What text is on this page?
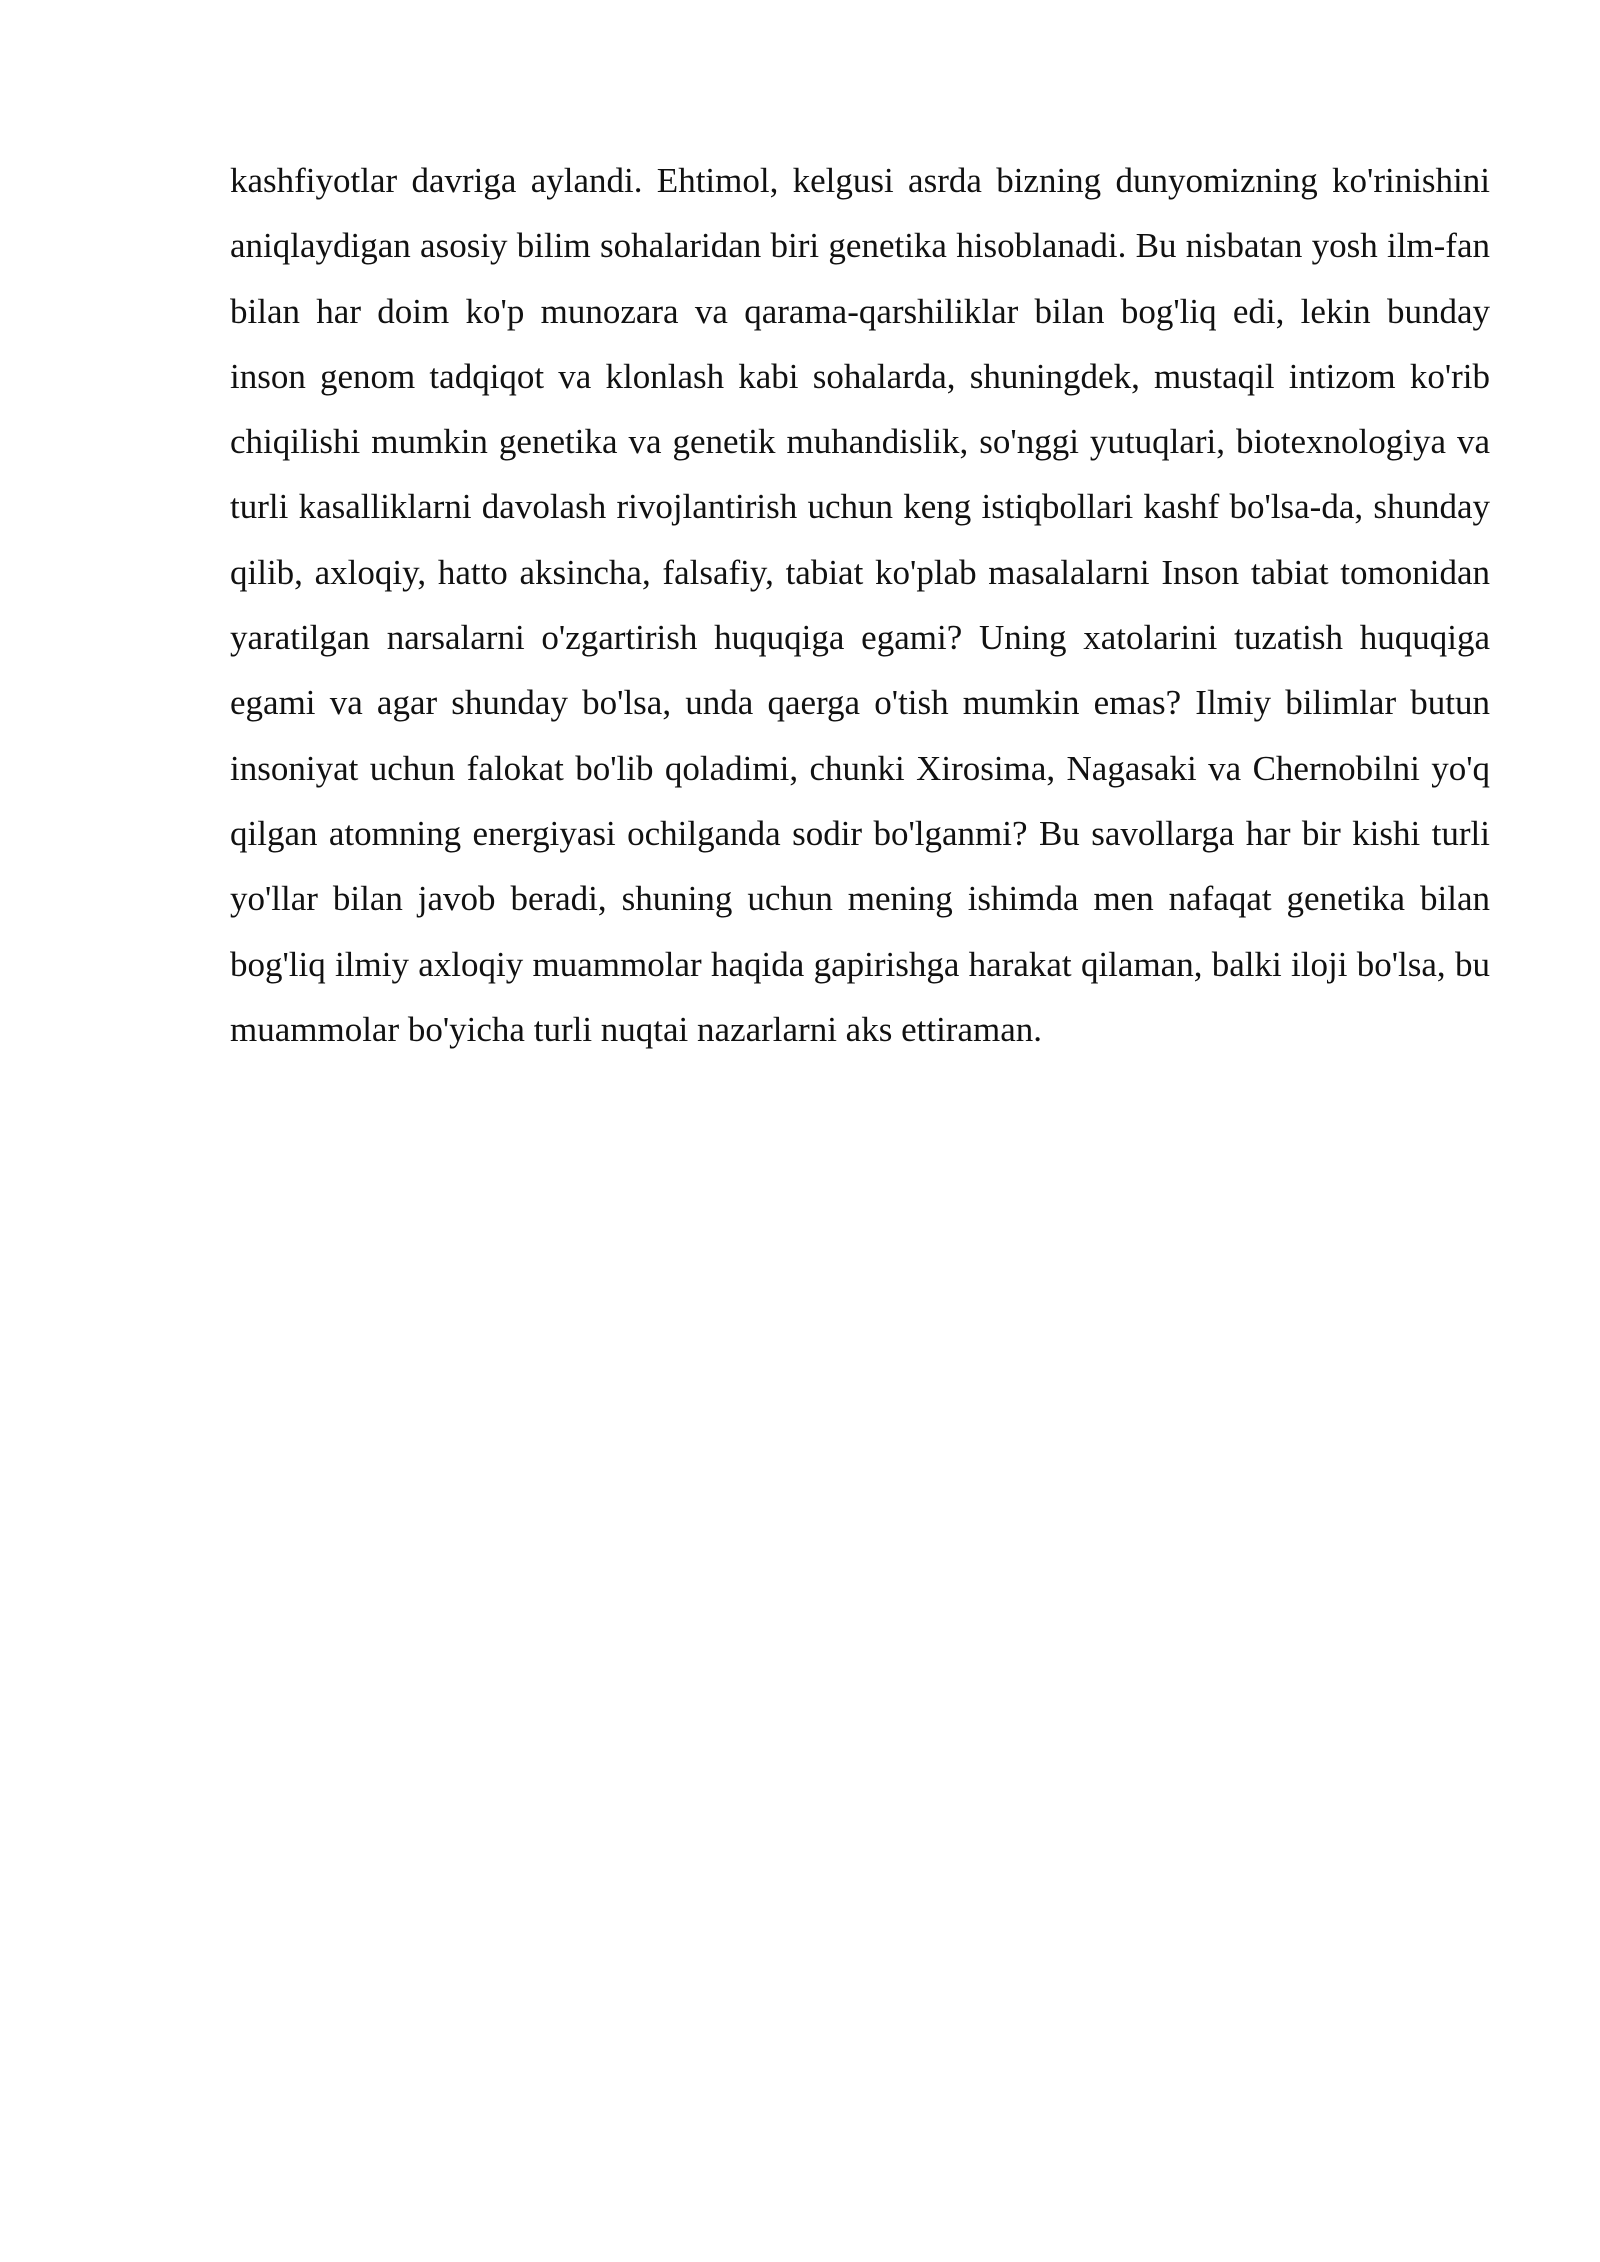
kashfiyotlar davriga aylandi. Ehtimol, kelgusi asrda bizning dunyomizning ko'rinishini aniqlaydigan asosiy bilim sohalaridan biri genetika hisoblanadi. Bu nisbatan yosh ilm-fan bilan har doim ko'p munozara va qarama-qarshiliklar bilan bog'liq edi, lekin bunday inson genom tadqiqot va klonlash kabi sohalarda, shuningdek, mustaqil intizom ko'rib chiqilishi mumkin genetika va genetik muhandislik, so'nggi yutuqlari, biotexnologiya va turli kasalliklarni davolash rivojlantirish uchun keng istiqbollari kashf bo'lsa-da, shunday qilib, axloqiy, hatto aksincha, falsafiy, tabiat ko'plab masalalarni Inson tabiat tomonidan yaratilgan narsalarni o'zgartirish huquqiga egami? Uning xatolarini tuzatish huquqiga egami va agar shunday bo'lsa, unda qaerga o'tish mumkin emas? Ilmiy bilimlar butun insoniyat uchun falokat bo'lib qoladimi, chunki Xirosima, Nagasaki va Chernobilni yo'q qilgan atomning energiyasi ochilganda sodir bo'lganmi? Bu savollarga har bir kishi turli yo'llar bilan javob beradi, shuning uchun mening ishimda men nafaqat genetika bilan bog'liq ilmiy axloqiy muammolar haqida gapirishga harakat qilaman, balki iloji bo'lsa, bu muammolar bo'yicha turli nuqtai nazarlarni aks ettiraman.
